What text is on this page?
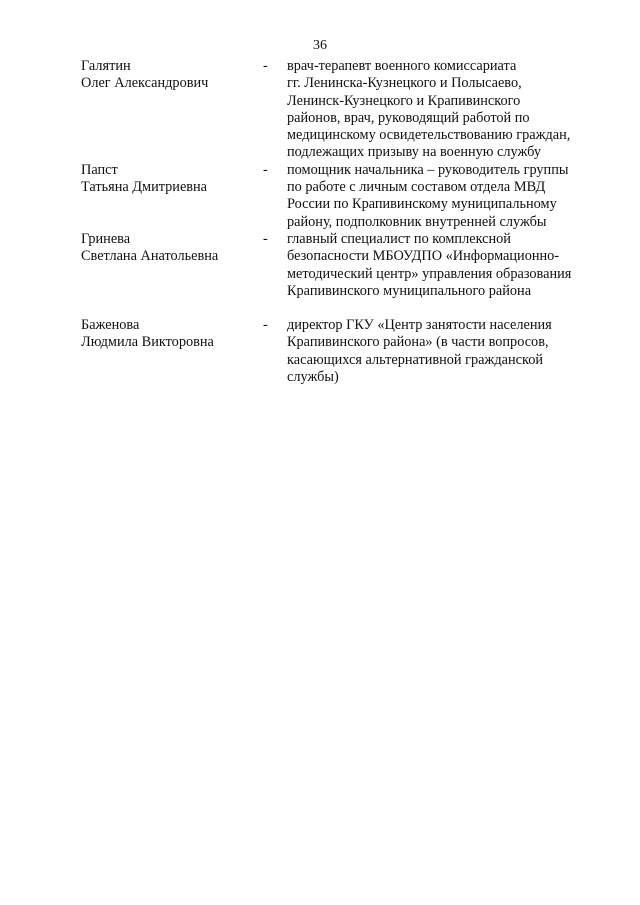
36
Галятин
Олег Александрович
-	врач-терапевт военного комиссариата
гг. Ленинска-Кузнецкого и Полысаево,
Ленинск-Кузнецкого и Крапивинского
районов, врач, руководящий работой по
медицинскому освидетельствованию граждан,
подлежащих призыву на военную службу
Папст
Татьяна Дмитриевна
-	помощник начальника – руководитель группы
по работе с личным составом отдела МВД
России по Крапивинскому муниципальному
району, подполковник внутренней службы
Гринева
Светлана Анатольевна
-	главный специалист по комплексной
безопасности МБОУДПО «Информационно-
методический центр» управления образования
Крапивинского муниципального района
Баженова
Людмила Викторовна
-	директор ГКУ «Центр занятости населения
Крапивинского района» (в части вопросов,
касающихся альтернативной гражданской
службы)
